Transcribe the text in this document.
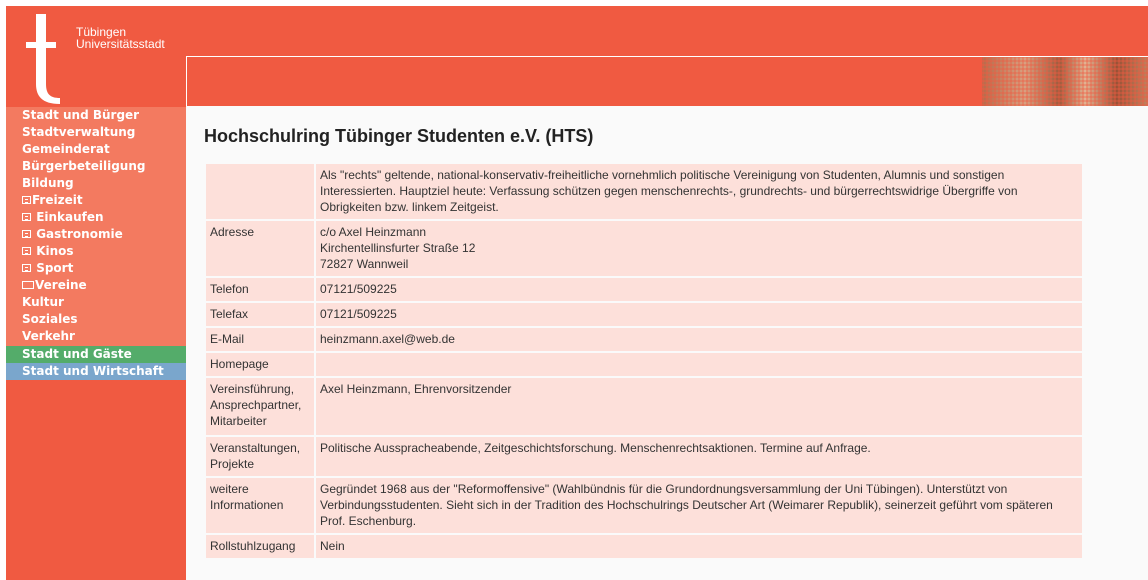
Tübingen
Universitätsstadt
Stadt und Bürger
Stadtverwaltung
Gemeinderat
Bürgerbeteiligung
Bildung
Freizeit
Einkaufen
Gastronomie
Kinos
Sport
Vereine
Kultur
Soziales
Verkehr
Stadt und Gäste
Stadt und Wirtschaft
Hochschulring Tübinger Studenten e.V. (HTS)
	Als "rechts" geltende, national-konservativ-freiheitliche vornehmlich politische Vereinigung von Studenten, Alumnis und sonstigen Interessierten. Hauptziel heute: Verfassung schützen gegen menschenrechts-, grundrechts- und bürgerrechtswidrige Übergriffe von Obrigkeiten bzw. linkem Zeitgeist.
Adresse	c/o Axel Heinzmann
Kirchentellinsfurter Straße 12
72827 Wannweil

Telefon	07121/509225
Telefax	07121/509225
E-Mail	heinzmann.axel@web.de
Homepage	
Vereinsführung, Ansprechpartner, Mitarbeiter	Axel Heinzmann, Ehrenvorsitzender
Veranstaltungen, Projekte	Politische Ausspracheabende, Zeitgeschichtsforschung. Menschenrechtsaktionen. Termine auf Anfrage.
weitere Informationen	Gegründet 1968 aus der "Reformoffensive" (Wahlbündnis für die Grundordnungsversammlung der Uni Tübingen). Unterstützt von Verbindungsstudenten. Sieht sich in der Tradition des Hochschulrings Deutscher Art (Weimarer Republik), seinerzeit geführt vom späteren Prof. Eschenburg.
Rollstuhlzugang	Nein
